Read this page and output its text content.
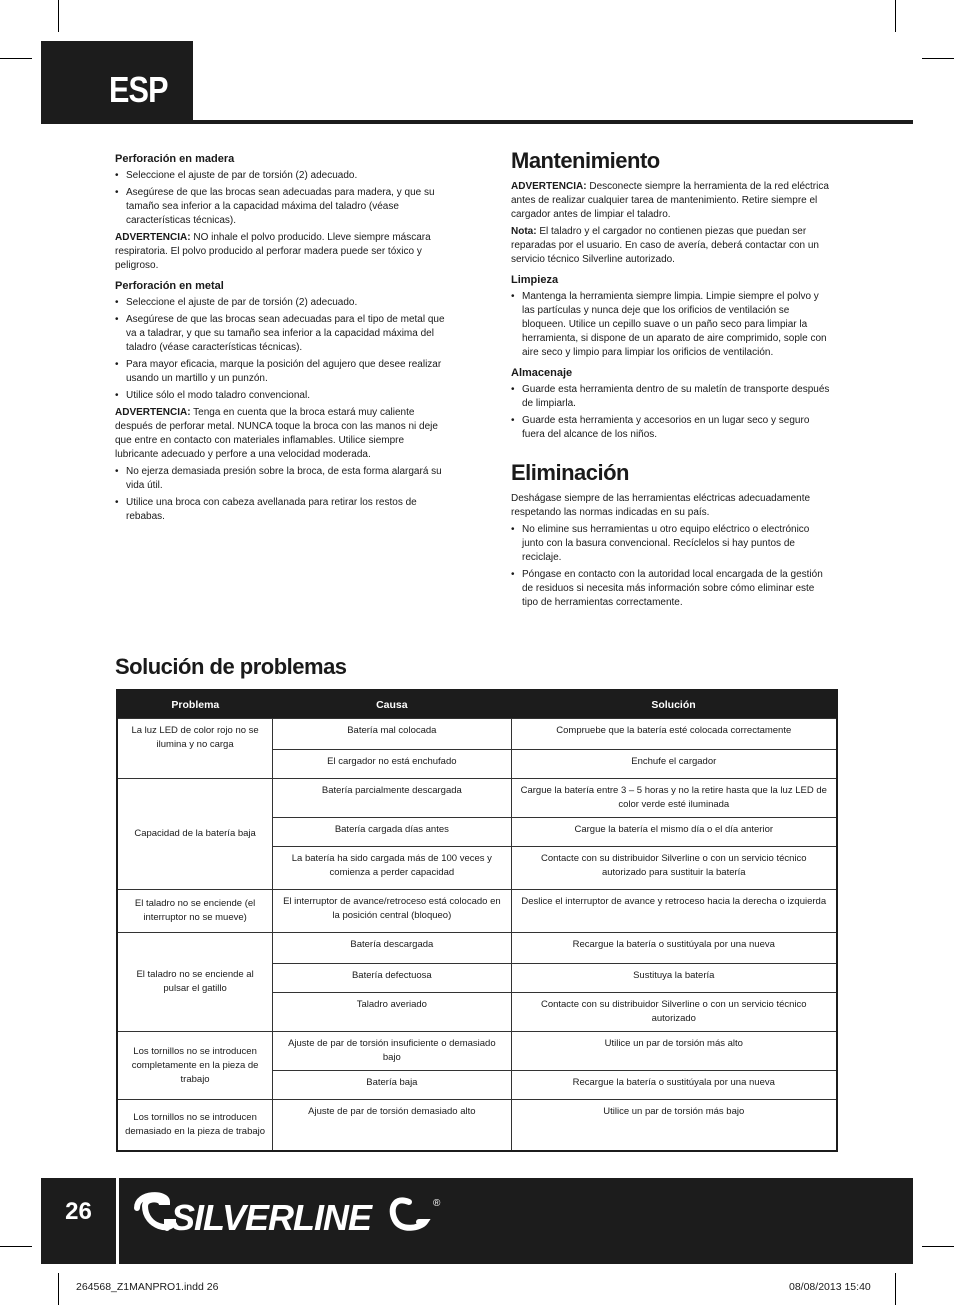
ESP
Perforación en madera
• Seleccione el ajuste de par de torsión (2) adecuado.
• Asegúrese de que las brocas sean adecuadas para madera, y que su tamaño sea inferior a la capacidad máxima del taladro (véase características técnicas).

ADVERTENCIA: NO inhale el polvo producido. Lleve siempre máscara respiratoria. El polvo producido al perforar madera puede ser tóxico y peligroso.

Perforación en metal
• Seleccione el ajuste de par de torsión (2) adecuado.
• Asegúrese de que las brocas sean adecuadas para el tipo de metal que va a taladrar, y que su tamaño sea inferior a la capacidad máxima del taladro (véase características técnicas).
• Para mayor eficacia, marque la posición del agujero que desee realizar usando un martillo y un punzón.
• Utilice sólo el modo taladro convencional.

ADVERTENCIA: Tenga en cuenta que la broca estará muy caliente después de perforar metal. NUNCA toque la broca con las manos ni deje que entre en contacto con materiales inflamables. Utilice siempre lubricante adecuado y perfore a una velocidad moderada.

• No ejerza demasiada presión sobre la broca, de esta forma alargará su vida útil.
• Utilice una broca con cabeza avellanada para retirar los restos de rebabas.
Mantenimiento

ADVERTENCIA: Desconecte siempre la herramienta de la red eléctrica antes de realizar cualquier tarea de mantenimiento. Retire siempre el cargador antes de limpiar el taladro.

Nota: El taladro y el cargador no contienen piezas que puedan ser reparadas por el usuario. En caso de avería, deberá contactar con un servicio técnico Silverline autorizado.

Limpieza
• Mantenga la herramienta siempre limpia. Limpie siempre el polvo y las partículas y nunca deje que los orificios de ventilación se bloqueen. Utilice un cepillo suave o un paño seco para limpiar la herramienta, si dispone de un aparato de aire comprimido, sople con aire seco y limpio para limpiar los orificios de ventilación.
Almacenaje
• Guarde esta herramienta dentro de su maletín de transporte después de limpiarla.
• Guarde esta herramienta y accesorios en un lugar seco y seguro fuera del alcance de los niños.
Eliminación

Deshágase siempre de las herramientas eléctricas adecuadamente respetando las normas indicadas en su país.

• No elimine sus herramientas u otro equipo eléctrico o electrónico junto con la basura convencional. Recíclelos si hay puntos de reciclaje.
• Póngase en contacto con la autoridad local encargada de la gestión de residuos si necesita más información sobre cómo eliminar este tipo de herramientas correctamente.
Solución de problemas
Problema	Causa	Solución
La luz LED de color rojo no se ilumina y no carga	Batería mal colocada	Compruebe que la batería esté colocada correctamente
	El cargador no está enchufado	Enchufe el cargador
Capacidad de la batería baja	Batería parcialmente descargada	Cargue la batería entre 3 – 5 horas y no la retire hasta que la luz LED de color verde esté iluminada
	Batería cargada días antes	Cargue la batería el mismo día o el día anterior
	La batería ha sido cargada más de 100 veces y comienza a perder capacidad	Contacte con su distribuidor Silverline o con un servicio técnico autorizado para sustituir la batería
El taladro no se enciende (el interruptor no se mueve)	El interruptor de avance/retroceso está colocado en la posición central (bloqueo)	Deslice el interruptor de avance y retroceso hacia la derecha o izquierda
El taladro no se enciende al pulsar el gatillo	Batería descargada	Recargue la batería o sustitúyala por una nueva
	Batería defectuosa	Sustituya la batería
	Taladro averiado	Contacte con su distribuidor Silverline o con un servicio técnico autorizado
Los tornillos no se introducen completamente en la pieza de trabajo	Ajuste de par de torsión insuficiente o demasiado bajo	Utilice un par de torsión más alto
	Batería baja	Recargue la batería o sustitúyala por una nueva
Los tornillos no se introducen demasiado en la pieza de trabajo	Ajuste de par de torsión demasiado alto	Utilice un par de torsión más bajo
26	SILVERLINE	®
264568_Z1MANPRO1.indd 26	08/08/2013 15:40
